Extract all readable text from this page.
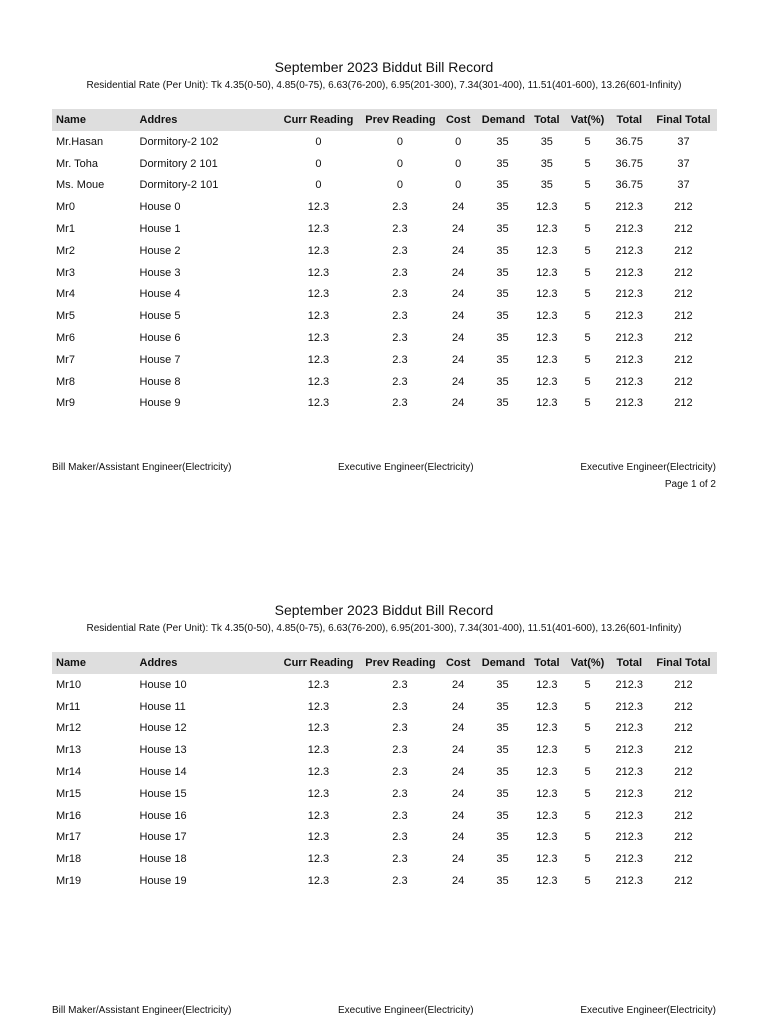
September 2023 Biddut Bill Record
Residential Rate (Per Unit): Tk 4.35(0-50), 4.85(0-75), 6.63(76-200), 6.95(201-300), 7.34(301-400), 11.51(401-600), 13.26(601-Infinity)
Name	Addres	Curr Reading	Prev Reading	Cost	Demand	Total	Vat(%)	Total	Final Total
Mr.Hasan	Dormitory-2 102	0	0	0	35	35	5	36.75	37
Mr. Toha	Dormitory 2 101	0	0	0	35	35	5	36.75	37
Ms. Moue	Dormitory-2 101	0	0	0	35	35	5	36.75	37
Mr0	House 0	12.3	2.3	24	35	12.3	5	212.3	212
Mr1	House 1	12.3	2.3	24	35	12.3	5	212.3	212
Mr2	House 2	12.3	2.3	24	35	12.3	5	212.3	212
Mr3	House 3	12.3	2.3	24	35	12.3	5	212.3	212
Mr4	House 4	12.3	2.3	24	35	12.3	5	212.3	212
Mr5	House 5	12.3	2.3	24	35	12.3	5	212.3	212
Mr6	House 6	12.3	2.3	24	35	12.3	5	212.3	212
Mr7	House 7	12.3	2.3	24	35	12.3	5	212.3	212
Mr8	House 8	12.3	2.3	24	35	12.3	5	212.3	212
Mr9	House 9	12.3	2.3	24	35	12.3	5	212.3	212
Bill Maker/Assistant Engineer(Electricity)	Executive Engineer(Electricity)	Executive Engineer(Electricity)
Page 1 of 2
September 2023 Biddut Bill Record
Residential Rate (Per Unit): Tk 4.35(0-50), 4.85(0-75), 6.63(76-200), 6.95(201-300), 7.34(301-400), 11.51(401-600), 13.26(601-Infinity)
Name	Addres	Curr Reading	Prev Reading	Cost	Demand	Total	Vat(%)	Total	Final Total
Mr10	House 10	12.3	2.3	24	35	12.3	5	212.3	212
Mr11	House 11	12.3	2.3	24	35	12.3	5	212.3	212
Mr12	House 12	12.3	2.3	24	35	12.3	5	212.3	212
Mr13	House 13	12.3	2.3	24	35	12.3	5	212.3	212
Mr14	House 14	12.3	2.3	24	35	12.3	5	212.3	212
Mr15	House 15	12.3	2.3	24	35	12.3	5	212.3	212
Mr16	House 16	12.3	2.3	24	35	12.3	5	212.3	212
Mr17	House 17	12.3	2.3	24	35	12.3	5	212.3	212
Mr18	House 18	12.3	2.3	24	35	12.3	5	212.3	212
Mr19	House 19	12.3	2.3	24	35	12.3	5	212.3	212
Bill Maker/Assistant Engineer(Electricity)	Executive Engineer(Electricity)	Executive Engineer(Electricity)
